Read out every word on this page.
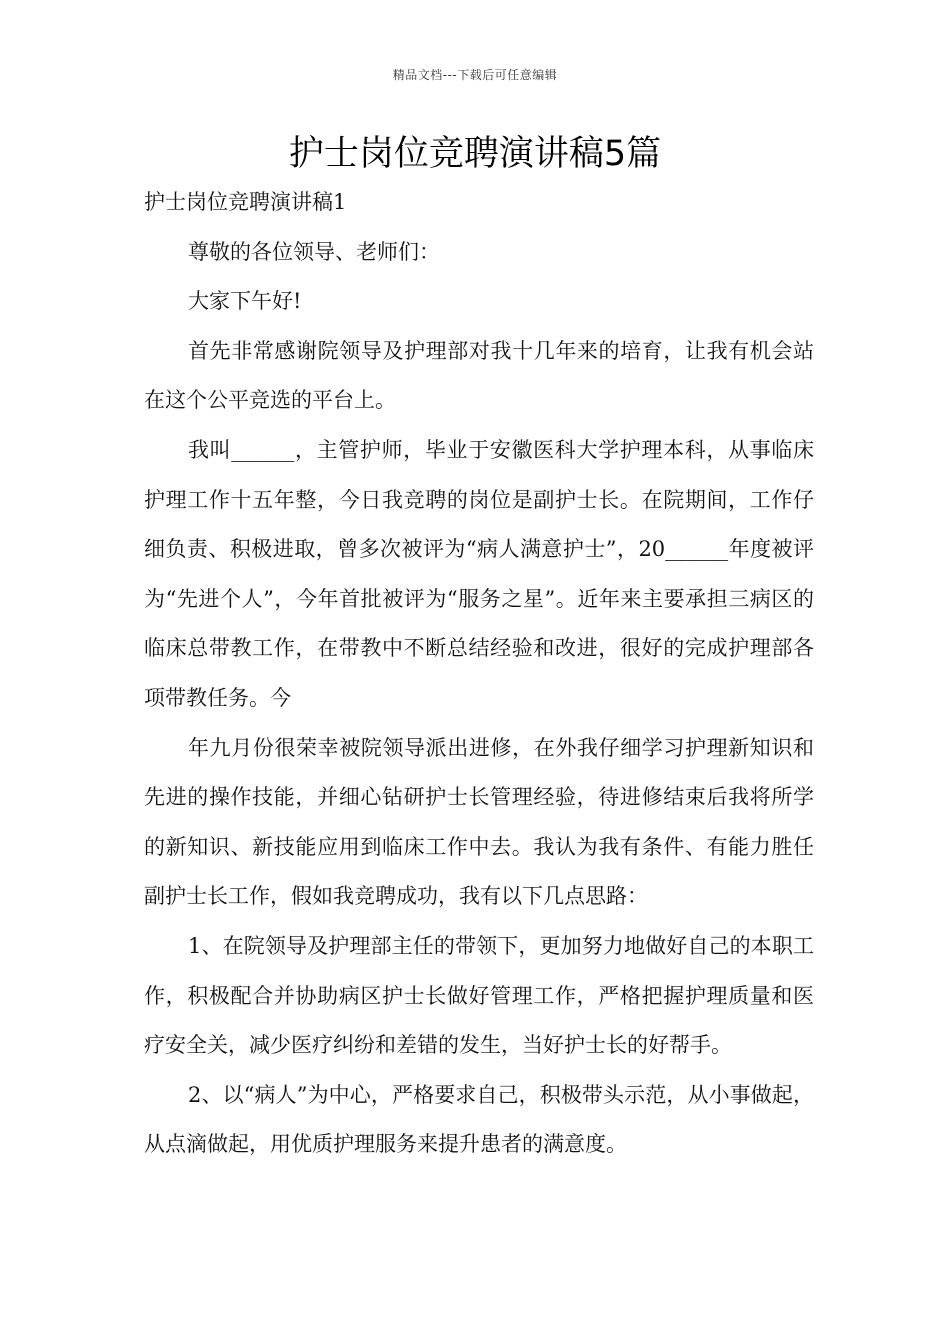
精品文档---下载后可任意编辑
护士岗位竞聘演讲稿5篇

护士岗位竞聘演讲稿1

尊敬的各位领导、老师们：

大家下午好!

首先非常感谢院领导及护理部对我十几年来的培育，让我有机会站在这个公平竞选的平台上。

我叫______，主管护师，毕业于安徽医科大学护理本科，从事临床护理工作十五年整，今日我竞聘的岗位是副护士长。在院期间，工作仔细负责、积极进取，曾多次被评为“病人满意护士”，20______年度被评为“先进个人”，今年首批被评为“服务之星”。近年来主要承担三病区的临床总带教工作，在带教中不断总结经验和改进，很好的完成护理部各项带教任务。今

年九月份很荣幸被院领导派出进修，在外我仔细学习护理新知识和先进的操作技能，并细心钻研护士长管理经验，待进修结束后我将所学的新知识、新技能应用到临床工作中去。我认为我有条件、有能力胜任副护士长工作，假如我竞聘成功，我有以下几点思路：

1、在院领导及护理部主任的带领下，更加努力地做好自己的本职工作，积极配合并协助病区护士长做好管理工作，严格把握护理质量和医疗安全关，减少医疗纠纷和差错的发生，当好护士长的好帮手。

2、以“病人”为中心，严格要求自己，积极带头示范，从小事做起，从点滴做起，用优质护理服务来提升患者的满意度。
